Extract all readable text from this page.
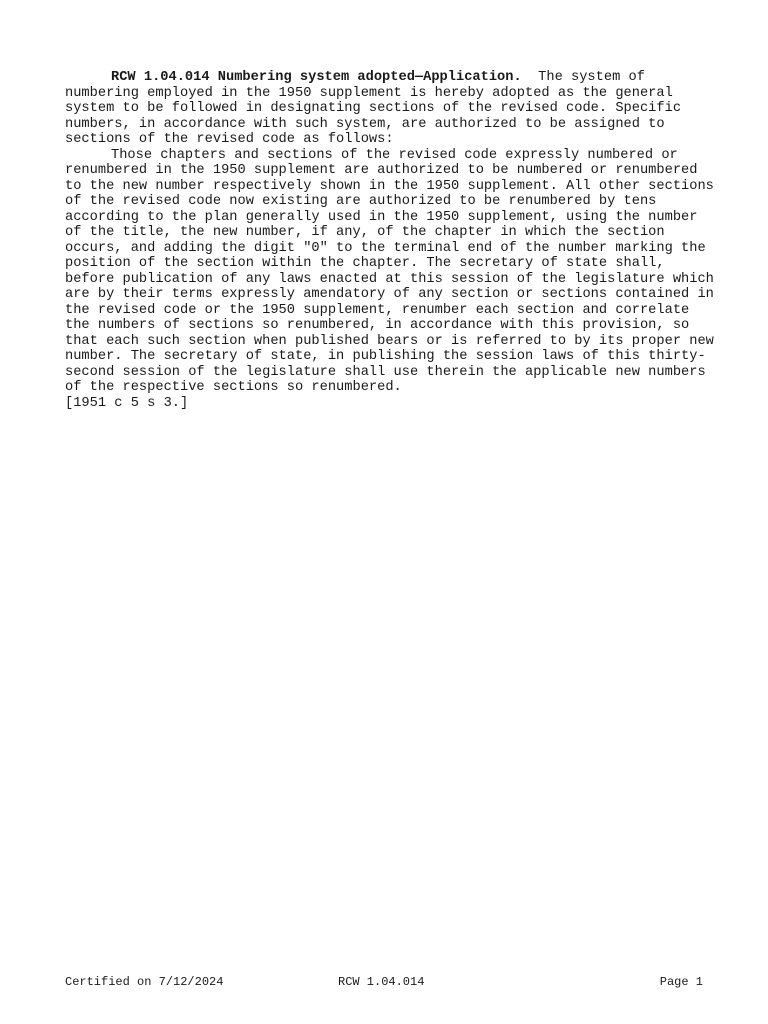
RCW 1.04.014 Numbering system adopted—Application. The system of numbering employed in the 1950 supplement is hereby adopted as the general system to be followed in designating sections of the revised code. Specific numbers, in accordance with such system, are authorized to be assigned to sections of the revised code as follows:

Those chapters and sections of the revised code expressly numbered or renumbered in the 1950 supplement are authorized to be numbered or renumbered to the new number respectively shown in the 1950 supplement. All other sections of the revised code now existing are authorized to be renumbered by tens according to the plan generally used in the 1950 supplement, using the number of the title, the new number, if any, of the chapter in which the section occurs, and adding the digit "0" to the terminal end of the number marking the position of the section within the chapter. The secretary of state shall, before publication of any laws enacted at this session of the legislature which are by their terms expressly amendatory of any section or sections contained in the revised code or the 1950 supplement, renumber each section and correlate the numbers of sections so renumbered, in accordance with this provision, so that each such section when published bears or is referred to by its proper new number. The secretary of state, in publishing the session laws of this thirty-second session of the legislature shall use therein the applicable new numbers of the respective sections so renumbered.

[1951 c 5 s 3.]

Certified on 7/12/2024	RCW 1.04.014	Page 1
